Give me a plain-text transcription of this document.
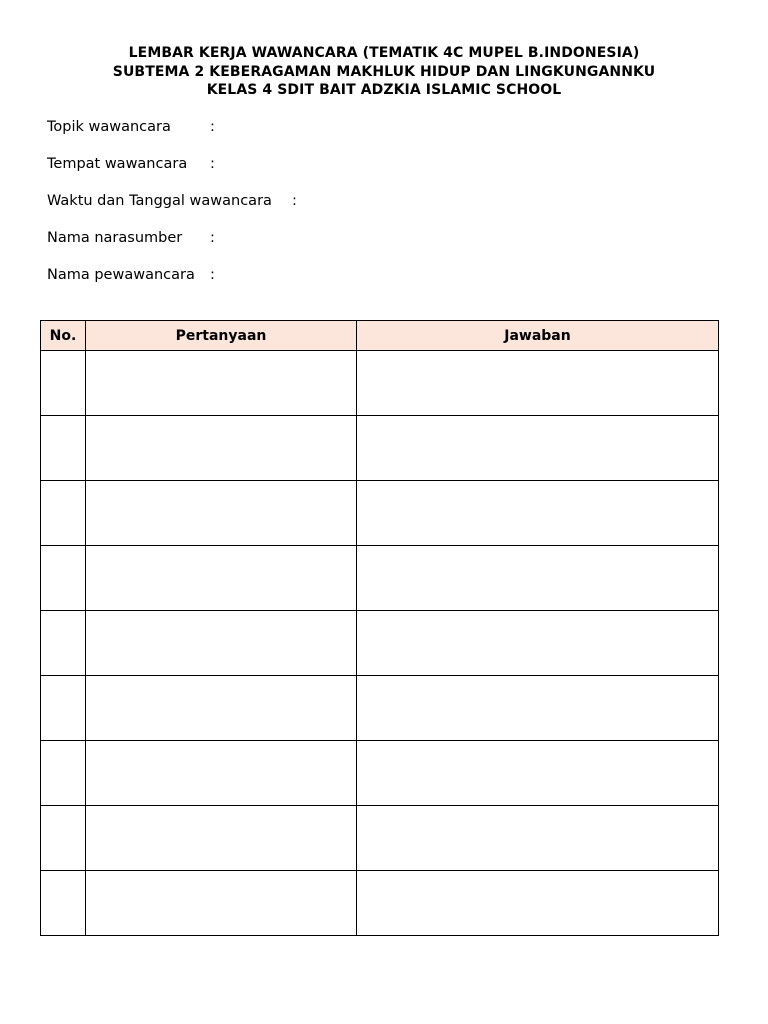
LEMBAR KERJA WAWANCARA (TEMATIK 4C MUPEL B.INDONESIA)
SUBTEMA 2 KEBERAGAMAN MAKHLUK HIDUP DAN LINGKUNGANNKU
KELAS 4 SDIT BAIT ADZKIA ISLAMIC SCHOOL
Topik wawancara	:
Tempat wawancara :
Waktu dan Tanggal wawancara :
Nama narasumber :
Nama pewawancara :
No.	Pertanyaan	Jawaban
